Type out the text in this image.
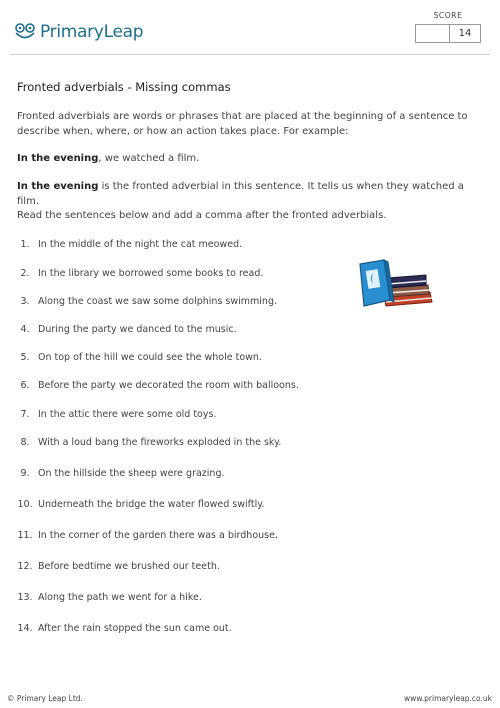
PrimaryLeap
SCORE
14
Fronted adverbials - Missing commas
Fronted adverbials are words or phrases that are placed at the beginning of a sentence to
describe when, where, or how an action takes place. For example:
In the evening, we watched a film.
In the evening is the fronted adverbial in this sentence. It tells us when they watched a film.
Read the sentences below and add a comma after the fronted adverbials.
1. In the middle of the night the cat meowed.
2. In the library we borrowed some books to read.
3. Along the coast we saw some dolphins swimming.
4. During the party we danced to the music.
5. On top of the hill we could see the whole town.
6. Before the party we decorated the room with balloons.
7. In the attic there were some old toys.
8. With a loud bang the fireworks exploded in the sky.
9. On the hillside the sheep were grazing.
10. Underneath the bridge the water flowed swiftly.
11. In the corner of the garden there was a birdhouse.
12. Before bedtime we brushed our teeth.
13. Along the path we went for a hike.
14. After the rain stopped the sun came out.
© Primary Leap Ltd.	www.primaryleap.co.uk
